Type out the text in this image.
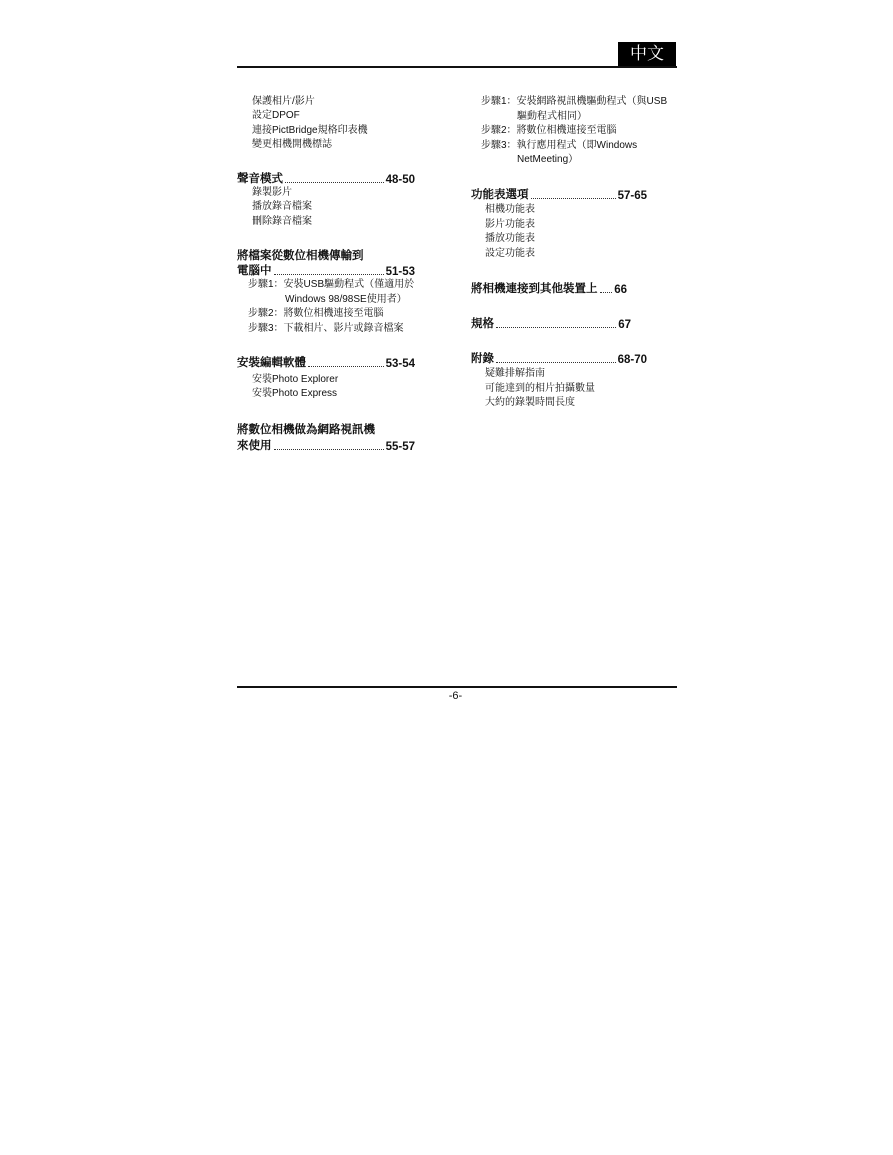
中文
保護相片/影片
設定DPOF
連接PictBridge規格印表機
變更相機開機標誌
聲音模式	48-50
錄製影片
播放錄音檔案
刪除錄音檔案
將檔案從數位相機傳輸到
電腦中	51-53
步驟1：安裝USB驅動程式（僅適用於
Windows 98/98SE使用者）
步驟2：將數位相機連接至電腦
步驟3：下載相片、影片或錄音檔案
安裝編輯軟體	53-54
安裝Photo Explorer
安裝Photo Express
將數位相機做為網路視訊機
來使用	55-57
步驟1：安裝網路視訊機驅動程式（與USB
驅動程式相同）
步驟2：將數位相機連接至電腦
步驟3：執行應用程式（即Windows
NetMeeting）
功能表選項	57-65
相機功能表
影片功能表
播放功能表
設定功能表
將相機連接到其他裝置上 66
規格	67
附錄	68-70
疑難排解指南
可能達到的相片拍攝數量
大約的錄製時間長度
-6-
